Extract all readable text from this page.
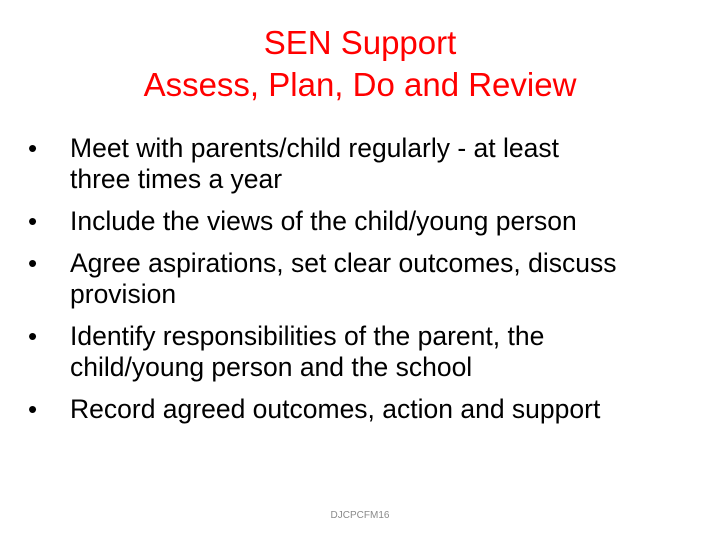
SEN Support
Assess, Plan, Do and Review
•	Meet with parents/child regularly - at least
three times a year
•	Include the views of the child/young person
•	Agree aspirations, set clear outcomes, discuss
provision
•	Identify responsibilities of the parent, the
child/young person and the school
•	Record agreed outcomes, action and support
DJCPCFM16
